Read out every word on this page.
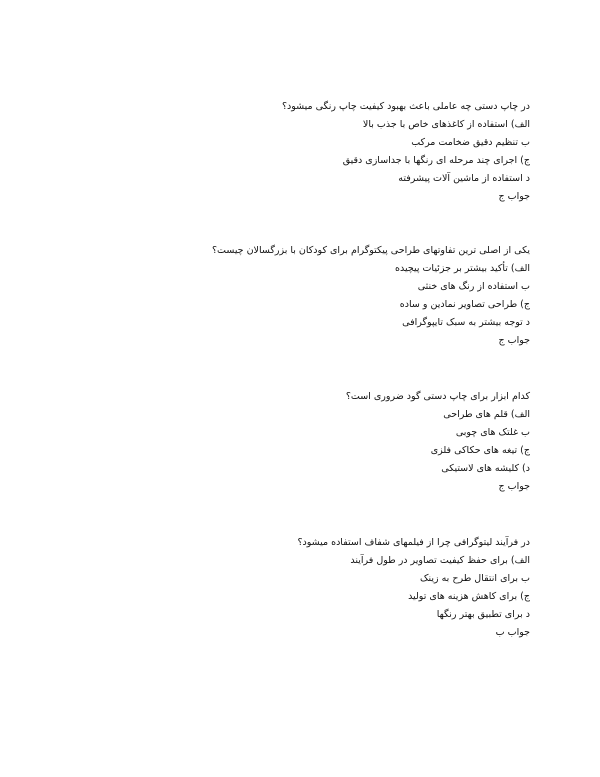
در چاپ دستی چه عاملی باعث بهبود کیفیت چاپ رنگی میشود؟
الف) استفاده از کاغذهای خاص با جذب بالا
ب تنظیم دقیق ضخامت مرکب
ج) اجرای چند مرحله ای رنگها با جداسازی دقیق
د استفاده از ماشین آلات پیشرفته
جواب ج
یکی از اصلی ترین تفاوتهای طراحی پیکتوگرام برای کودکان با بزرگسالان چیست؟
الف) تأکید بیشتر بر جزئیات پیچیده
ب استفاده از رنگ های خنثی
ج) طراحی تصاویر نمادین و ساده
د توجه بیشتر به سبک تایپوگرافی
جواب ج
کدام ابزار برای چاپ دستی گود ضروری است؟
الف) قلم های طراحی
ب غلتک های چوبی
ج) تیغه های حکاکی فلزی
د) کلیشه های لاستیکی
جواب ج
در فرآیند لیتوگرافی چرا از فیلمهای شفاف استفاده میشود؟
الف) برای حفظ کیفیت تصاویر در طول فرآیند
ب برای انتقال طرح به زینک
ج) برای کاهش هزینه های تولید
د برای تطبیق بهتر رنگها
جواب ب
